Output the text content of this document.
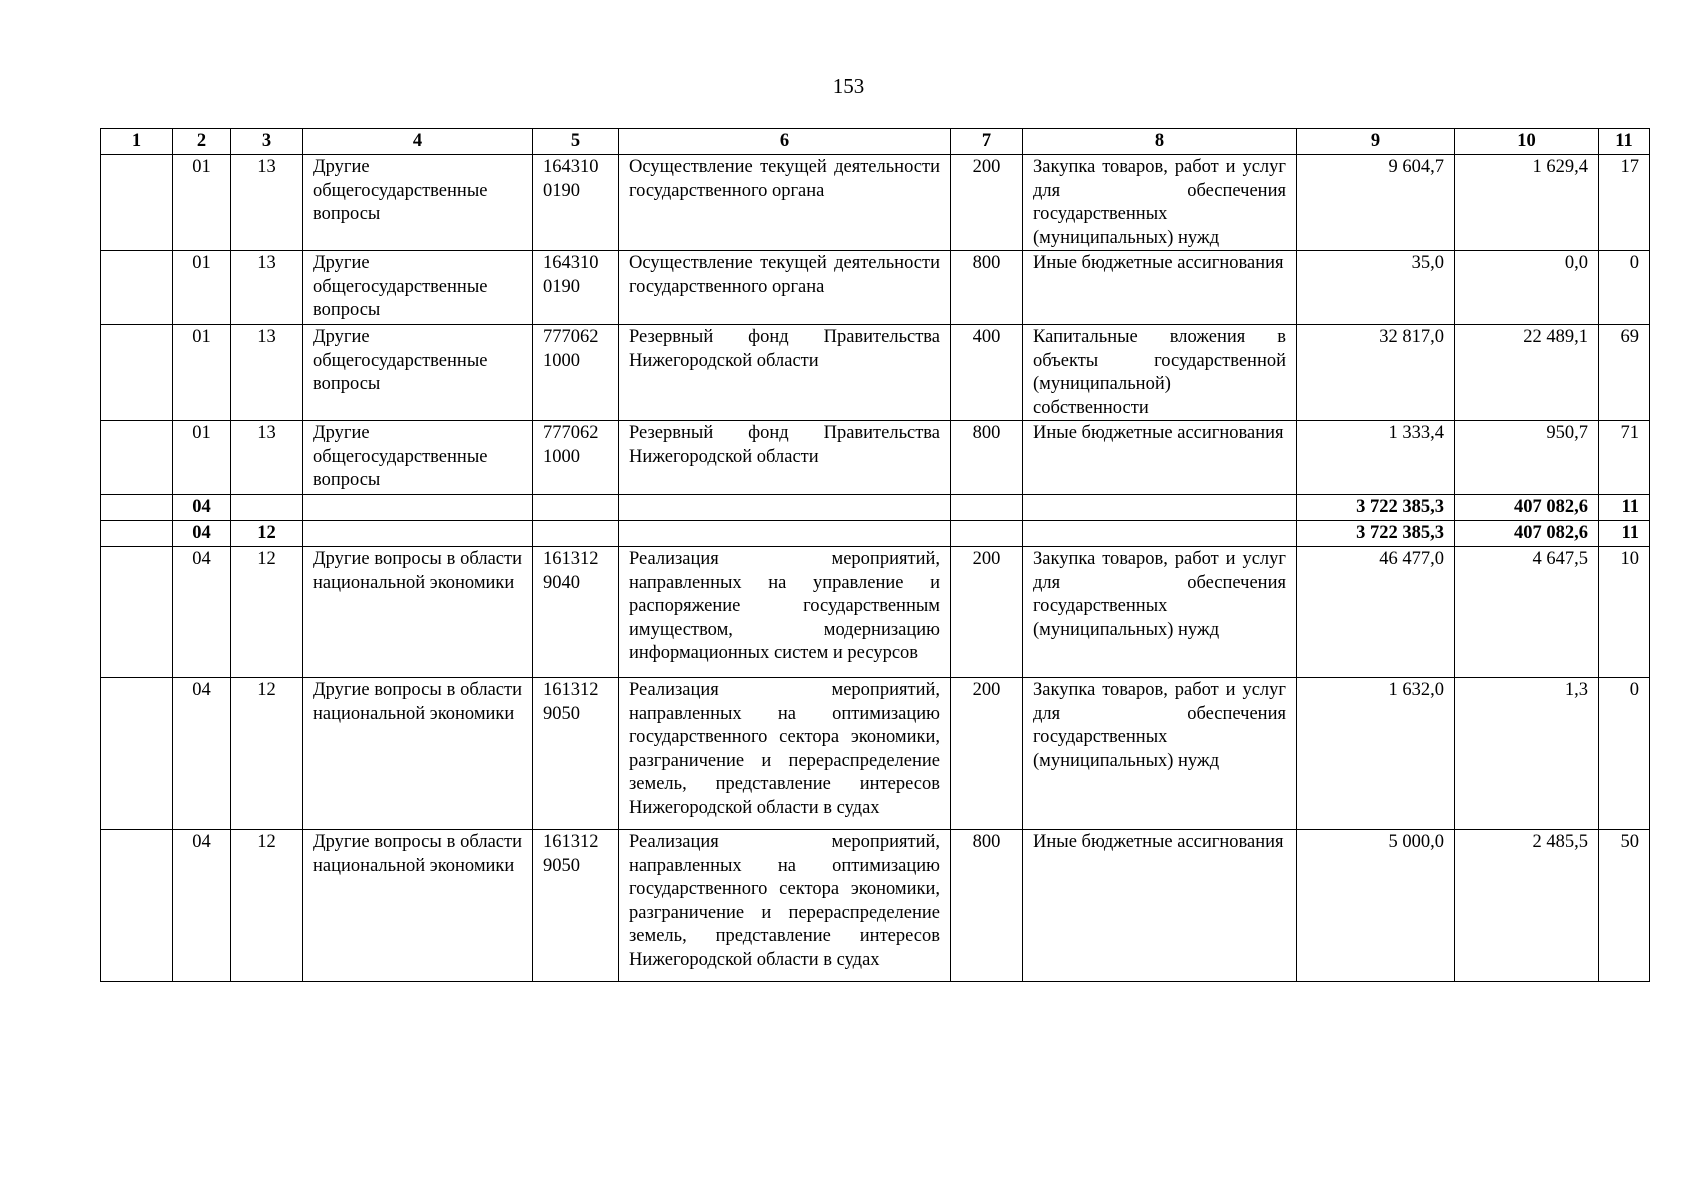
153
1	2	3	4	5	6	7	8	9	10	11
	01	13	Другие общегосударственные вопросы	164310 0190	Осуществление текущей деятельности государственного органа	200	Закупка товаров, работ и услуг для обеспечения государственных (муниципальных) нужд	9 604,7	1 629,4	17
	01	13	Другие общегосударственные вопросы	164310 0190	Осуществление текущей деятельности государственного органа	800	Иные бюджетные ассигнования	35,0	0,0	0
	01	13	Другие общегосударственные вопросы	777062 1000	Резервный фонд Правительства Нижегородской области	400	Капитальные вложения в объекты государственной (муниципальной) собственности	32 817,0	22 489,1	69
	01	13	Другие общегосударственные вопросы	777062 1000	Резервный фонд Правительства Нижегородской области	800	Иные бюджетные ассигнования	1 333,4	950,7	71
	04							3 722 385,3	407 082,6	11
	04	12						3 722 385,3	407 082,6	11
	04	12	Другие вопросы в области национальной экономики	161312 9040	Реализация мероприятий, направленных на управление и распоряжение государственным имуществом, модернизацию информационных систем и ресурсов	200	Закупка товаров, работ и услуг для обеспечения государственных (муниципальных) нужд	46 477,0	4 647,5	10
	04	12	Другие вопросы в области национальной экономики	161312 9050	Реализация мероприятий, направленных на оптимизацию государственного сектора экономики, разграничение и перераспределение земель, представление интересов Нижегородской области в судах	200	Закупка товаров, работ и услуг для обеспечения государственных (муниципальных) нужд	1 632,0	1,3	0
	04	12	Другие вопросы в области национальной экономики	161312 9050	Реализация мероприятий, направленных на оптимизацию государственного сектора экономики, разграничение и перераспределение земель, представление интересов Нижегородской области в судах	800	Иные бюджетные ассигнования	5 000,0	2 485,5	50
